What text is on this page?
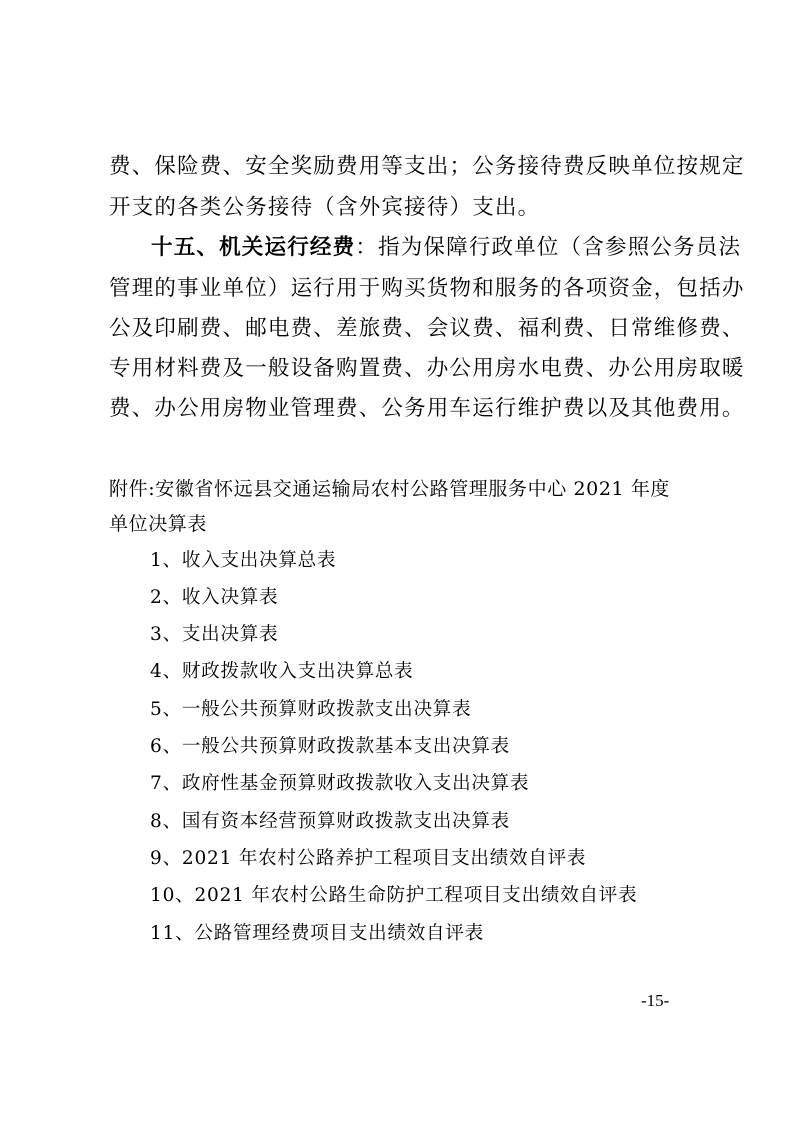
费、保险费、安全奖励费用等支出；公务接待费反映单位按规定
开支的各类公务接待（含外宾接待）支出。
十五、机关运行经费：指为保障行政单位（含参照公务员法
管理的事业单位）运行用于购买货物和服务的各项资金，包括办
公及印刷费、邮电费、差旅费、会议费、福利费、日常维修费、
专用材料费及一般设备购置费、办公用房水电费、办公用房取暖
费、办公用房物业管理费、公务用车运行维护费以及其他费用。
附件:安徽省怀远县交通运输局农村公路管理服务中心 2021 年度
单位决算表
1、收入支出决算总表
2、收入决算表
3、支出决算表
4、财政拨款收入支出决算总表
5、一般公共预算财政拨款支出决算表
6、一般公共预算财政拨款基本支出决算表
7、政府性基金预算财政拨款收入支出决算表
8、国有资本经营预算财政拨款支出决算表
9、2021 年农村公路养护工程项目支出绩效自评表
10、2021 年农村公路生命防护工程项目支出绩效自评表
11、公路管理经费项目支出绩效自评表
-15-
